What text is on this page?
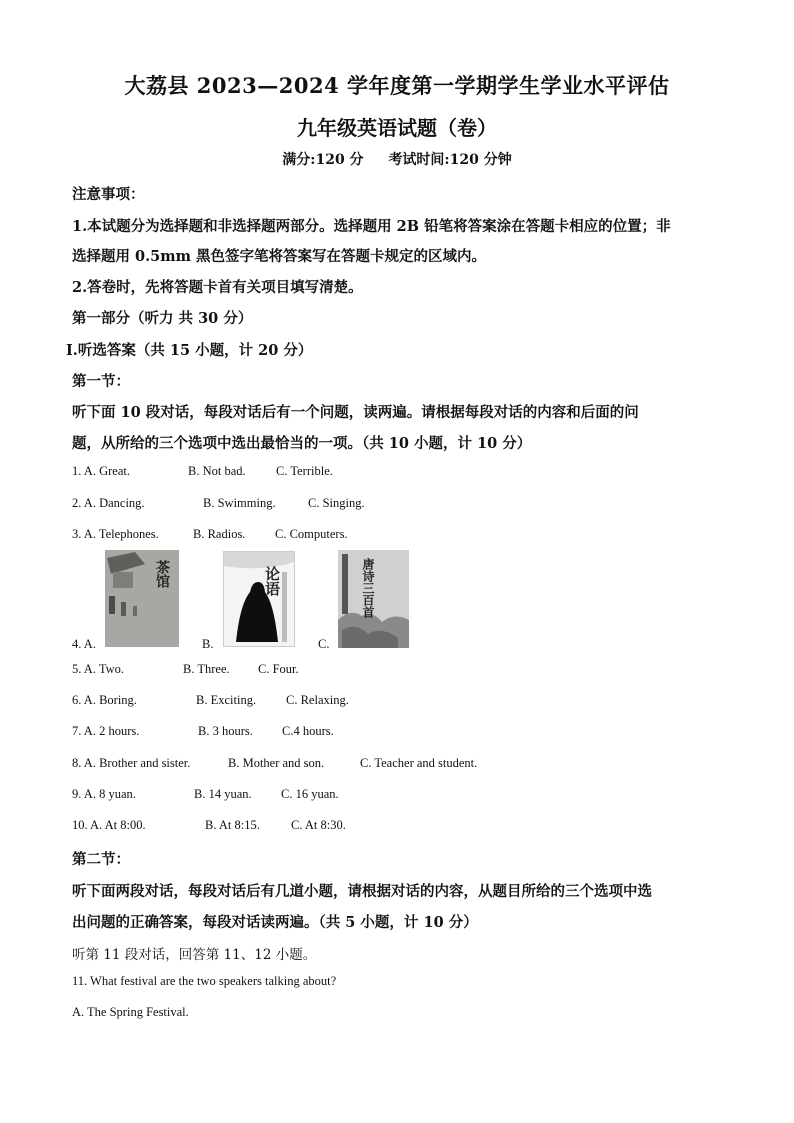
大荔县 2023—2024 学年度第一学期学生学业水平评估
九年级英语试题（卷）
满分:120 分 考试时间:120 分钟
注意事项：
1.本试题分为选择题和非选择题两部分。选择题用 2B 铅笔将答案涂在答题卡相应的位置；非
选择题用 0.5mm 黑色签字笔将答案写在答题卡规定的区域内。
2.答卷时，先将答题卡首有关项目填写清楚。
第一部分（听力 共 30 分）
Ⅰ.听选答案（共 15 小题，计 20 分）
第一节：
听下面 10 段对话，每段对话后有一个问题，读两遍。请根据每段对话的内容和后面的问
题，从所给的三个选项中选出最恰当的一项。（共 10 小题，计 10 分）
1. A. Great.	B. Not bad. C. Terrible.
2. A. Dancing.	B. Swimming.	C. Singing.
3. A. Telephones.	B. Radios. C. Computers.
茶馆	论语	唐诗三百首
4. A.	B.	C.
5. A. Two.	B. Three. C. Four.
6. A. Boring.	B. Exciting. C. Relaxing.
7. A. 2 hours.	B. 3 hours. C.4 hours.
8. A. Brother and sister.	B. Mother and son.	C. Teacher and student.
9. A. 8 yuan.	B. 14 yuan. C. 16 yuan.
10. A. At 8:00.	B. At 8:15. C. At 8:30.
第二节：
听下面两段对话，每段对话后有几道小题，请根据对话的内容，从题目所给的三个选项中选
出问题的正确答案，每段对话读两遍。（共 5 小题，计 10 分）
听第 11 段对话，回答第 11、12 小题。
11. What festival are the two speakers talking about?
A. The Spring Festival.
